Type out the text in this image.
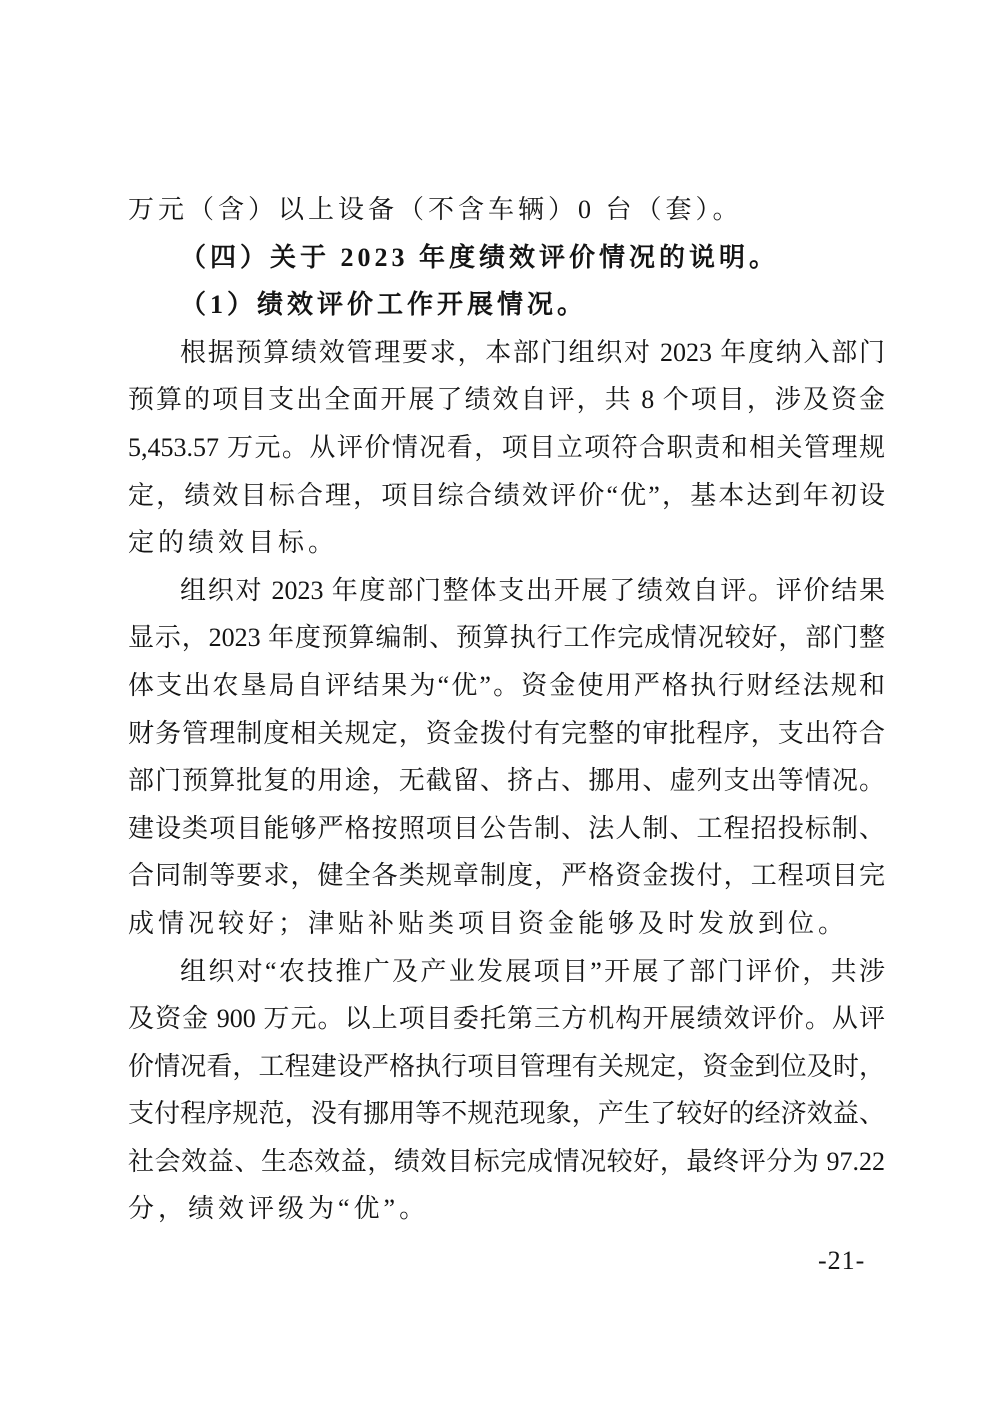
万元（含）以上设备（不含车辆）0 台（套）。
（四）关于 2023 年度绩效评价情况的说明。
（1）绩效评价工作开展情况。
根据预算绩效管理要求，本部门组织对 2023 年度纳入部门
预算的项目支出全面开展了绩效自评，共 8 个项目，涉及资金
5,453.57 万元。从评价情况看，项目立项符合职责和相关管理规
定，绩效目标合理，项目综合绩效评价“优”，基本达到年初设
定的绩效目标。
组织对 2023 年度部门整体支出开展了绩效自评。评价结果
显示，2023 年度预算编制、预算执行工作完成情况较好，部门整
体支出农垦局自评结果为“优”。资金使用严格执行财经法规和
财务管理制度相关规定，资金拨付有完整的审批程序，支出符合
部门预算批复的用途，无截留、挤占、挪用、虚列支出等情况。
建设类项目能够严格按照项目公告制、法人制、工程招投标制、
合同制等要求，健全各类规章制度，严格资金拨付，工程项目完
成情况较好；津贴补贴类项目资金能够及时发放到位。
组织对“农技推广及产业发展项目”开展了部门评价，共涉
及资金 900 万元。以上项目委托第三方机构开展绩效评价。从评
价情况看，工程建设严格执行项目管理有关规定，资金到位及时，
支付程序规范，没有挪用等不规范现象，产生了较好的经济效益、
社会效益、生态效益，绩效目标完成情况较好，最终评分为 97.22
分，绩效评级为“优”。
-21-
